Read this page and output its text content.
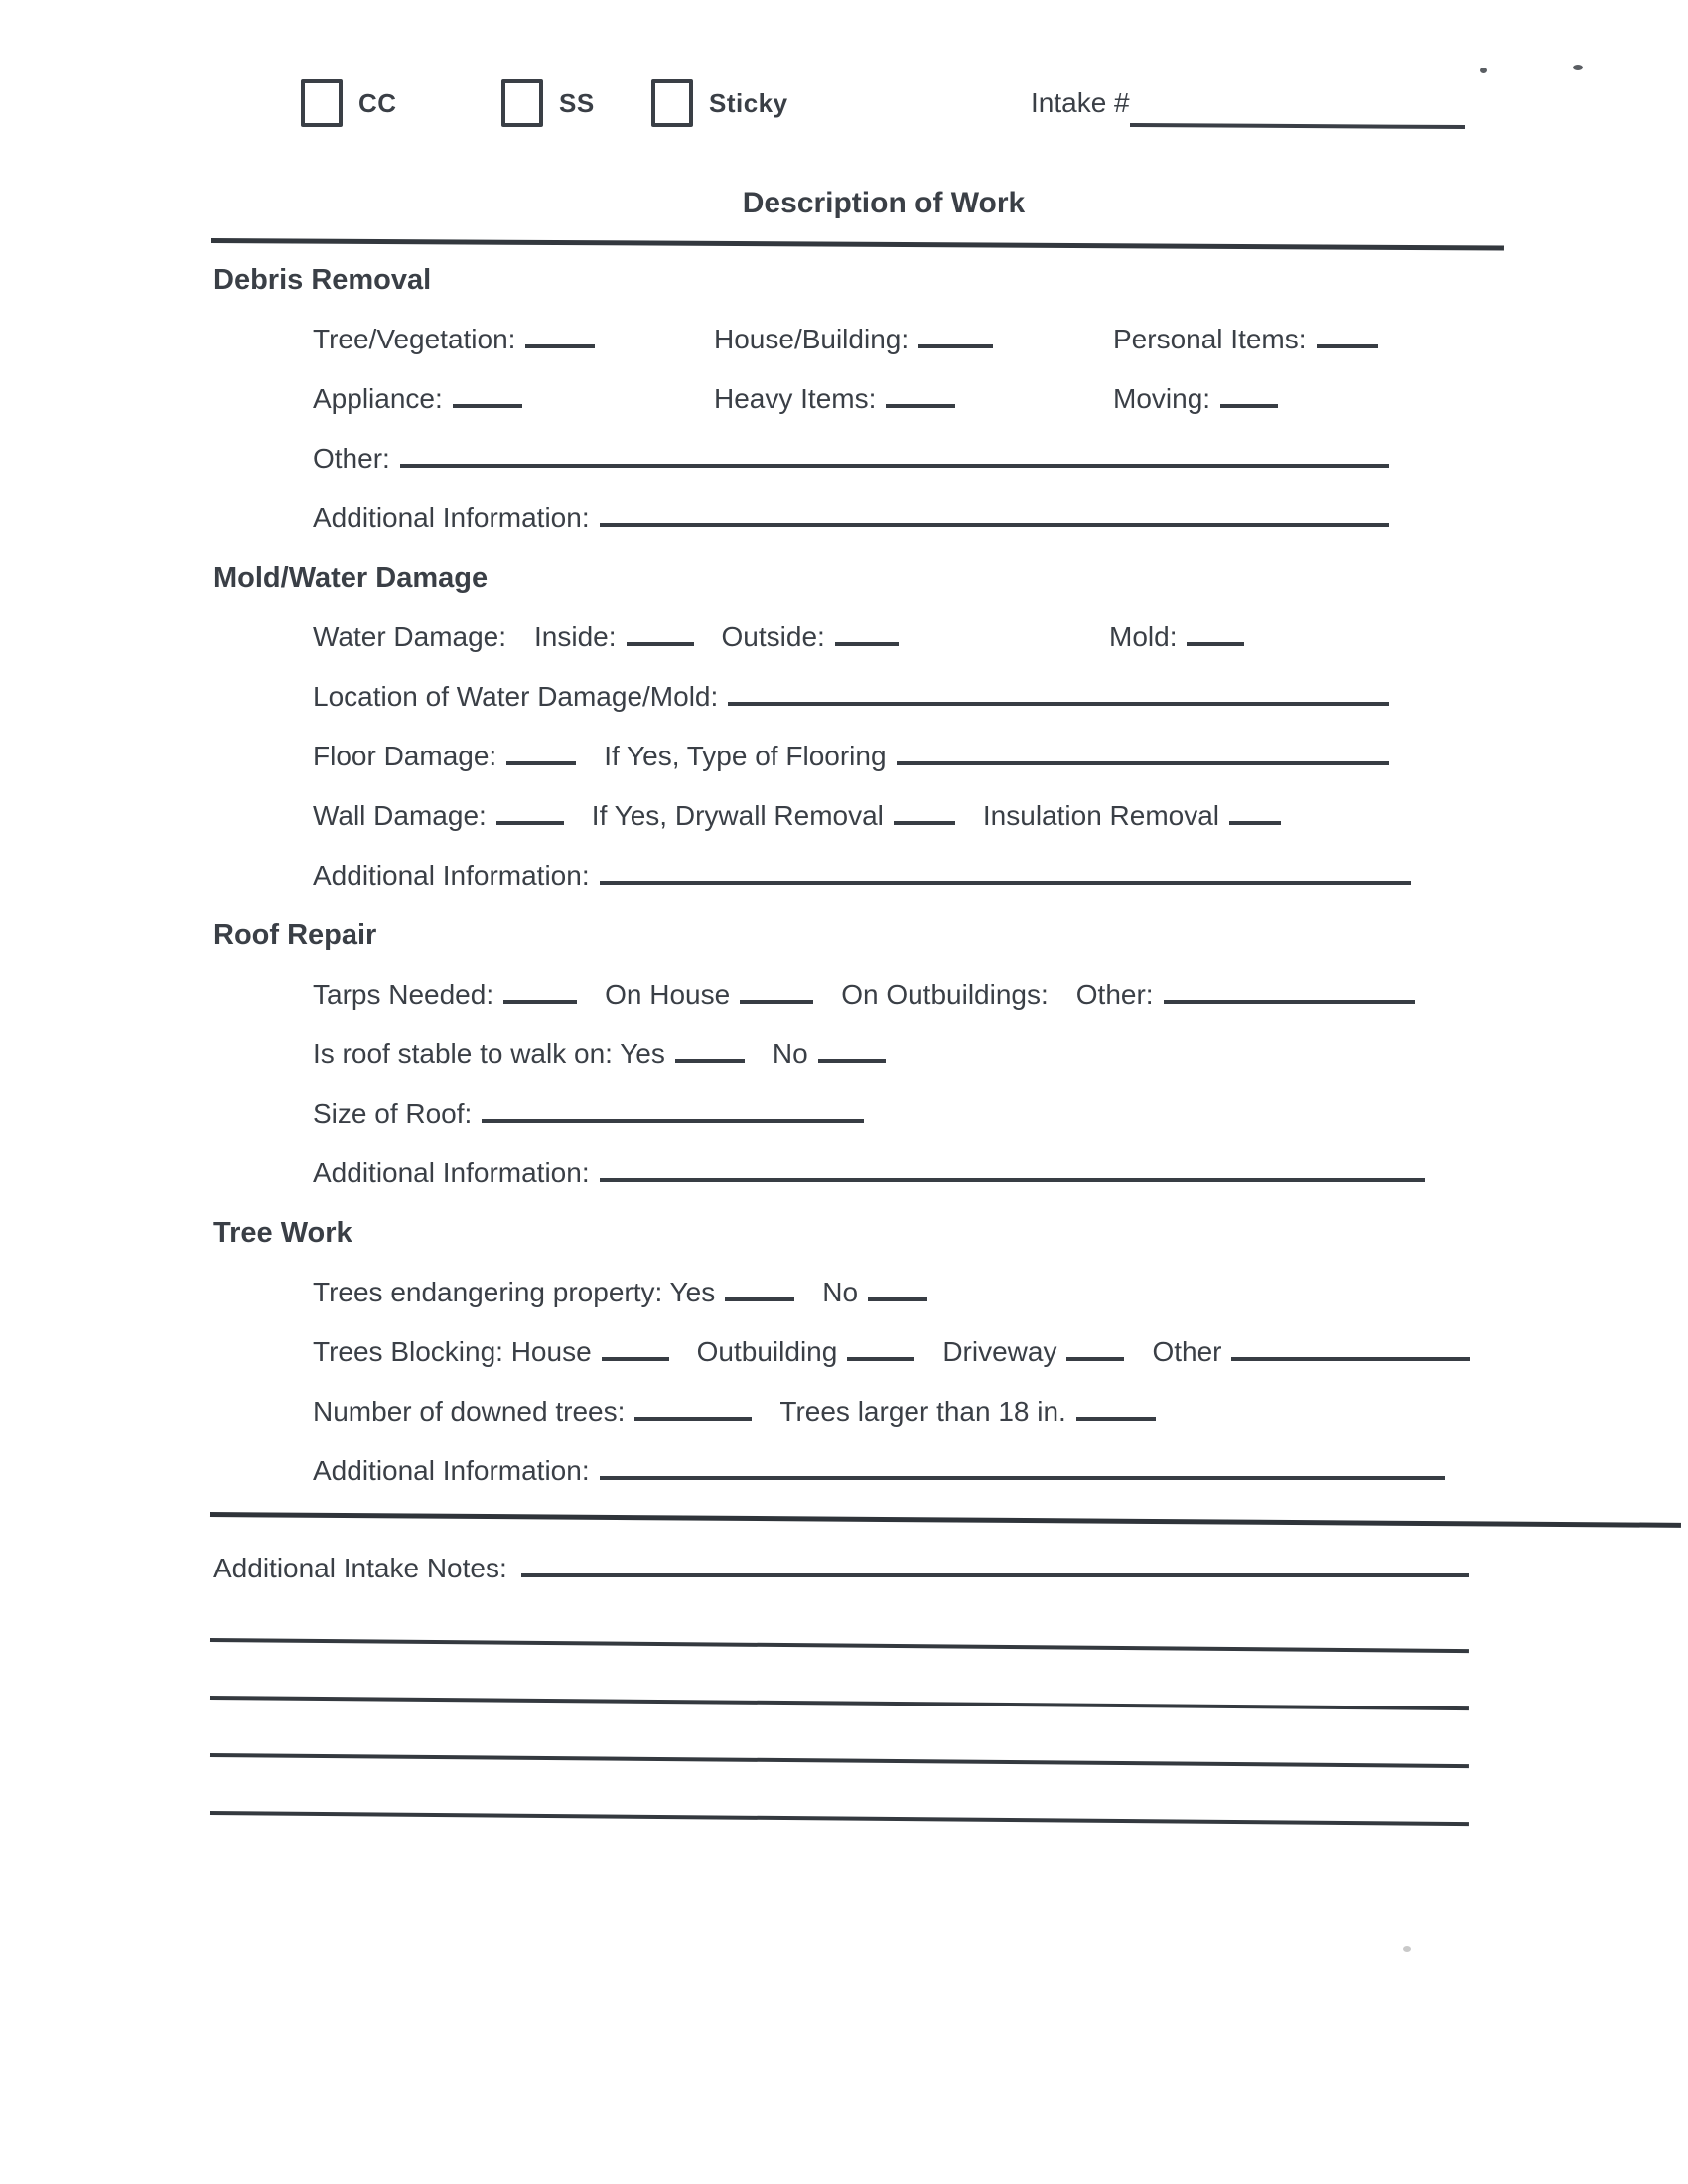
CC	SS	Sticky	Intake #
Description of Work
Debris Removal
Tree/Vegetation:	House/Building:	Personal Items:
Appliance:	Heavy Items:	Moving:
Other:
Additional Information:
Mold/Water Damage
Water Damage: Inside:	Outside:	Mold:
Location of Water Damage/Mold:
Floor Damage:	If Yes, Type of Flooring
Wall Damage:	If Yes, Drywall Removal	Insulation Removal
Additional Information:
Roof Repair
Tarps Needed:	On House	On Outbuildings: Other:
Is roof stable to walk on: Yes	No
Size of Roof:
Additional Information:
Tree Work
Trees endangering property: Yes	No
Trees Blocking: House	Outbuilding	Driveway	Other
Number of downed trees:	Trees larger than 18 in.
Additional Information:
Additional Intake Notes:
